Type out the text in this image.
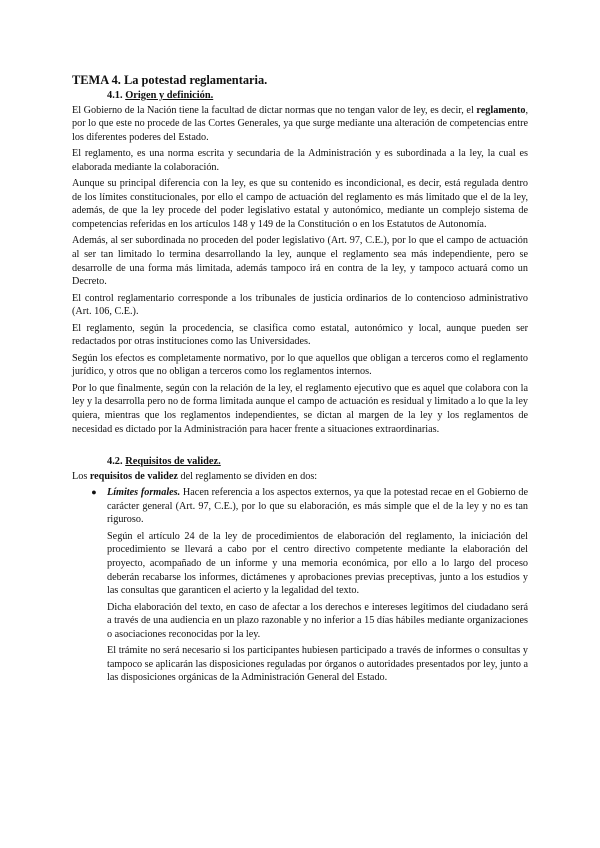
TEMA 4. La potestad reglamentaria.
4.1. Origen y definición.

El Gobierno de la Nación tiene la facultad de dictar normas que no tengan valor de ley, es decir, el reglamento, por lo que este no procede de las Cortes Generales, ya que surge mediante una alteración de competencias entre los diferentes poderes del Estado.

El reglamento, es una norma escrita y secundaria de la Administración y es subordinada a la ley, la cual es elaborada mediante la colaboración.

Aunque su principal diferencia con la ley, es que su contenido es incondicional, es decir, está regulada dentro de los límites constitucionales, por ello el campo de actuación del reglamento es más limitado que el de la ley, además, de que la ley procede del poder legislativo estatal y autonómico, mediante un complejo sistema de competencias referidas en los artículos 148 y 149 de la Constitución o en los Estatutos de Autonomía.

Además, al ser subordinada no proceden del poder legislativo (Art. 97, C.E.), por lo que el campo de actuación al ser tan limitado lo termina desarrollando la ley, aunque el reglamento sea más independiente, pero se desarrolle de una forma más limitada, además tampoco irá en contra de la ley, y tampoco actuará como un Decreto.

El control reglamentario corresponde a los tribunales de justicia ordinarios de lo contencioso administrativo (Art. 106, C.E.).

El reglamento, según la procedencia, se clasifica como estatal, autonómico y local, aunque pueden ser redactados por otras instituciones como las Universidades.

Según los efectos es completamente normativo, por lo que aquellos que obligan a terceros como el reglamento jurídico, y otros que no obligan a terceros como los reglamentos internos.

Por lo que finalmente, según con la relación de la ley, el reglamento ejecutivo que es aquel que colabora con la ley y la desarrolla pero no de forma limitada aunque el campo de actuación es residual y limitado a lo que la ley quiera, mientras que los reglamentos independientes, se dictan al margen de la ley y los reglamentos de necesidad es dictado por la Administración para hacer frente a situaciones extraordinarias.

4.2. Requisitos de validez.

Los requisitos de validez del reglamento se dividen en dos:

● Límites formales. Hacen referencia a los aspectos externos, ya que la potestad recae en el Gobierno de carácter general (Art. 97, C.E.), por lo que su elaboración, es más simple que el de la ley y no es tan riguroso.

Según el artículo 24 de la ley de procedimientos de elaboración del reglamento, la iniciación del procedimiento se llevará a cabo por el centro directivo competente mediante la elaboración del proyecto, acompañado de un informe y una memoria económica, por ello a lo largo del proceso deberán recabarse los informes, dictámenes y aprobaciones previas preceptivas, junto a los estudios y las consultas que garanticen el acierto y la legalidad del texto.

Dicha elaboración del texto, en caso de afectar a los derechos e intereses legítimos del ciudadano será a través de una audiencia en un plazo razonable y no inferior a 15 días hábiles mediante organizaciones o asociaciones reconocidas por la ley.

El trámite no será necesario si los participantes hubiesen participado a través de informes o consultas y tampoco se aplicarán las disposiciones reguladas por órganos o autoridades presentados por ley, junto a las disposiciones orgánicas de la Administración General del Estado.
